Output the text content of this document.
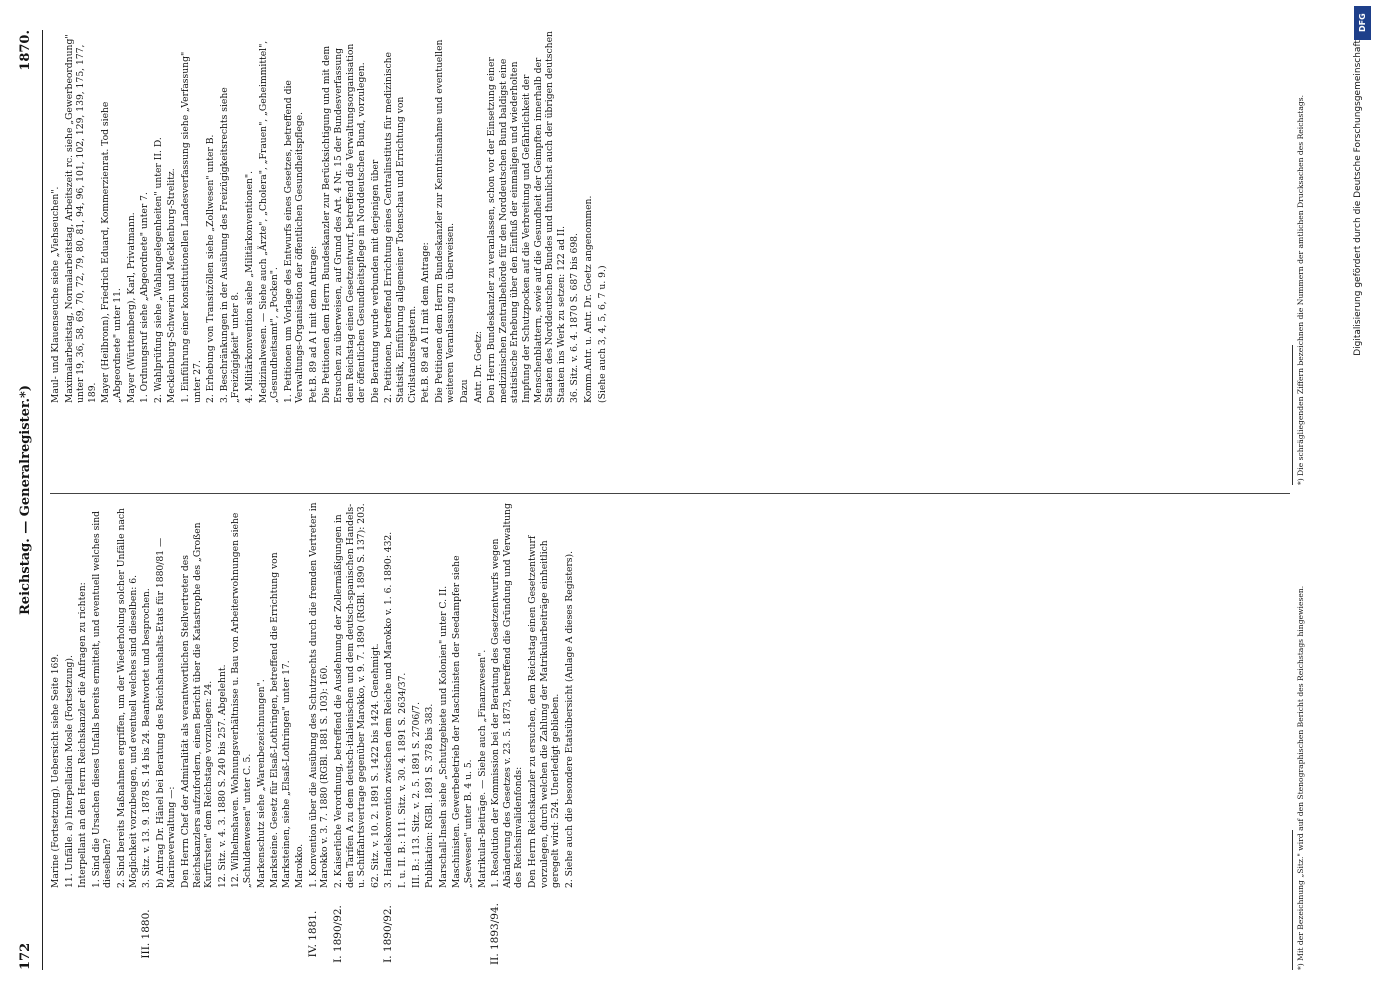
172
Reichstag. — Generalregister.*)
Marine (Fortsetzung). Uebersicht siehe Seite 169. 11. Unfälle. a) Interpellation Mosle (Fortsetzung). Interpellant an den Herrn Reichskanzler die Anfragen zu richten: 1. Sind die Ursachen dieses Unfalls bereits ermittelt, und eventuell welches sind dieselben? 2. Sind bereits Maßnahmen ergriffen, um der Wiederholung solcher Unfälle nach Möglichkeit vorzubeugen, und eventuell welches sind dieselben: 6.
III. 1880.
3. Sitz. v. 13. 9. 1878 S. 14 bis 24. Beantwortet und besprochen. b) Antrag Dr. Hänel bei Beratung des Reichshaushalts-Etats für 1880/81 — Marineverwaltung —: Den Herrn Chef der Admiralität als verantwortlichen Stellvertreter des Reichskanzlers aufzufordern, einen Bericht über die Katastrophe des „Großen Kurfürsten" dem Reichstage vorzulegen: 24. 12. Sitz. v. 4. 3. 1880 S. 240 bis 257. Abgelehnt. 12. Wilhelmshaven. Wohnungsverhältnisse u. Bau von Arbeiterwohnungen siehe „Schuldenwesen" unter C. 5. Markenschutz siehe „Warenbezeichnungen". Marksteine. Gesetz für Elsaß-Lothringen, betreffend die Errichtung von Marksteinen, siehe „Elsaß-Lothringen" unter 17. Marokko.
IV. 1881.
1. Konvention über die Ausübung des Schutzrechts durch die fremden Vertreter in Marokko v. 3. 7. 1880 (RGBl. 1881 S. 103): 160.
I. 1890/92.
2. Kaiserliche Verordnung, betreffend die Ausdehnung der Zollermäßigungen in den Tarifen A zu dem deutsch-italienischen und dem deutsch-spanischen Handels- u. Schiffahrtsvertrage gegenüber Marokko, v. 9. 7. 1890 (RGBl. 1890 S. 137): 203. 62. Sitz. v. 10. 2. 1891 S. 1422 bis 1424. Genehmigt.
I. 1890/92.
3. Handelskonvention zwischen dem Reiche und Marokko v. 1. 6. 1890: 432. I. u. II. B.: 111. Sitz. v. 30. 4. 1891 S. 2634/37. III. B.: 113. Sitz. v. 2. 5. 1891 S. 2706/7. Publikation: RGBl. 1891 S. 378 bis 383. Marschall-Inseln siehe „Schutzgebiete und Kolonien" unter C. II. Maschinisten. Gewerbebetrieb der Maschinisten der Seedampfer siehe „Seewesen" unter B. 4 u. 5. Matrikular-Beiträge. — Siehe auch „Finanzwesen".
II. 1893/94.
1. Resolution der Kommission bei der Beratung des Gesetzentwurfs wegen Abänderung des Gesetzes v. 23. 5. 1873, betreffend die Gründung und Verwaltung des Reichsinvalidenfonds: Den Herrn Reichskanzler zu ersuchen, dem Reichstag einen Gesetzentwurf vorzulegen, durch welchen die Zahlung der Matrikularbeiträge einheitlich geregelt wird: 524. Unerledigt geblieben. 2. Siehe auch die besondere Etatsübersicht (Anlage A dieses Registers).
Maul- und Klauenseuche siehe „Viehseuchen". Maximalarbeitstag, Normalarbeitstag, Arbeitszeit rc. siehe „Gewerbeordnung" unter 19, 36, 58, 69, 70, 72, 79, 80, 81, 94, 96, 101, 102, 129, 139, 175, 177, 189. Mayer (Heilbronn), Friedrich Eduard, Kommerzienrat. Tod siehe „Abgeordnete" unter 11. Mayer (Württemberg), Karl, Privatmann. 1. Ordnungsruf siehe „Abgeordnete" unter 7. 2. Wahlprüfung siehe „Wahlangelegenheiten" unter II. D. Mecklenburg-Schwerin und Mecklenburg-Strelitz. 1. Einführung einer konstitutionellen Landesverfassung siehe „Verfassung" unter 27. 2. Erhebung von Transitzöllen siehe „Zollwesen" unter B. 3. Beschränkungen in der Ausübung des Freizügigkeitsrechts siehe „Freizügigkeit" unter 8. 4. Militärkonvention siehe „Militärkonventionen". Medizinalwesen. — Siehe auch „Ärzte", „Cholera", „Frauen", „Geheimmittel", „Gesundheitsamt", „Pocken". 1. Petitionen um Vorlage des Entwurfs eines Gesetzes, betreffend die Verwaltungs-Organisation der öffentlichen Gesundheitspflege. Pet.B. 89 ad A I mit dem Antrage: Die Petitionen dem Herrn Bundeskanzler zur Berücksichtigung und mit dem Ersuchen zu überweisen, auf Grund des Art. 4 Nr. 15 der Bundesverfassung dem Reichstag einen Gesetzentwurf, betreffend die Verwaltungsorganisation der öffentlichen Gesundheitspflege im Norddeutschen Bund, vorzulegen. Die Beratung wurde verbunden mit derjenigen über 2. Petitionen, betreffend Errichtung eines Centralinstituts für medizinische Statistik, Einführung allgemeiner Totenschau und Errichtung von Civilstandsregistern. Pet.B. 89 ad A II mit dem Antrage: Die Petitionen dem Herrn Bundeskanzler zur Kenntnisnahme und eventuellen weiteren Veranlassung zu überweisen. Dazu Antr. Dr. Goetz: Den Herrn Bundeskanzler zu veranlassen, schon vor der Einsetzung einer medizinischen Zentralbehörde für den Norddeutschen Bund baldigst eine statistische Erhebung über den Einfluß der einmaligen und wiederholten Impfung der Schutzpocken auf die Verbreitung und Gefährlichkeit der Menschenblattern, sowie auf die Gesundheit der Geimpften innerhalb der Staaten des Norddeutschen Bundes und thunlichst auch der übrigen deutschen Staaten ins Werk zu setzen: 122 ad II. 36. Sitz. v. 6. 4. 1870 S. 687 bis 698. Komm.Antr. u. Antr. Dr. Goetz angenommen. (Siehe auch 3, 4, 5, 6, 7 u. 9.)
*) Mit der Bezeichnung „Sitz." wird auf den Stenographischen Bericht des Reichstags hingewiesen.
*) Die schrägliegenden Ziffern bezeichnen die Nummern der amtlichen Drucksachen des Reichstags.
1870.	Digitalisierung gefördert durch die Deutsche Forschungsgemeinschaft
DFG
